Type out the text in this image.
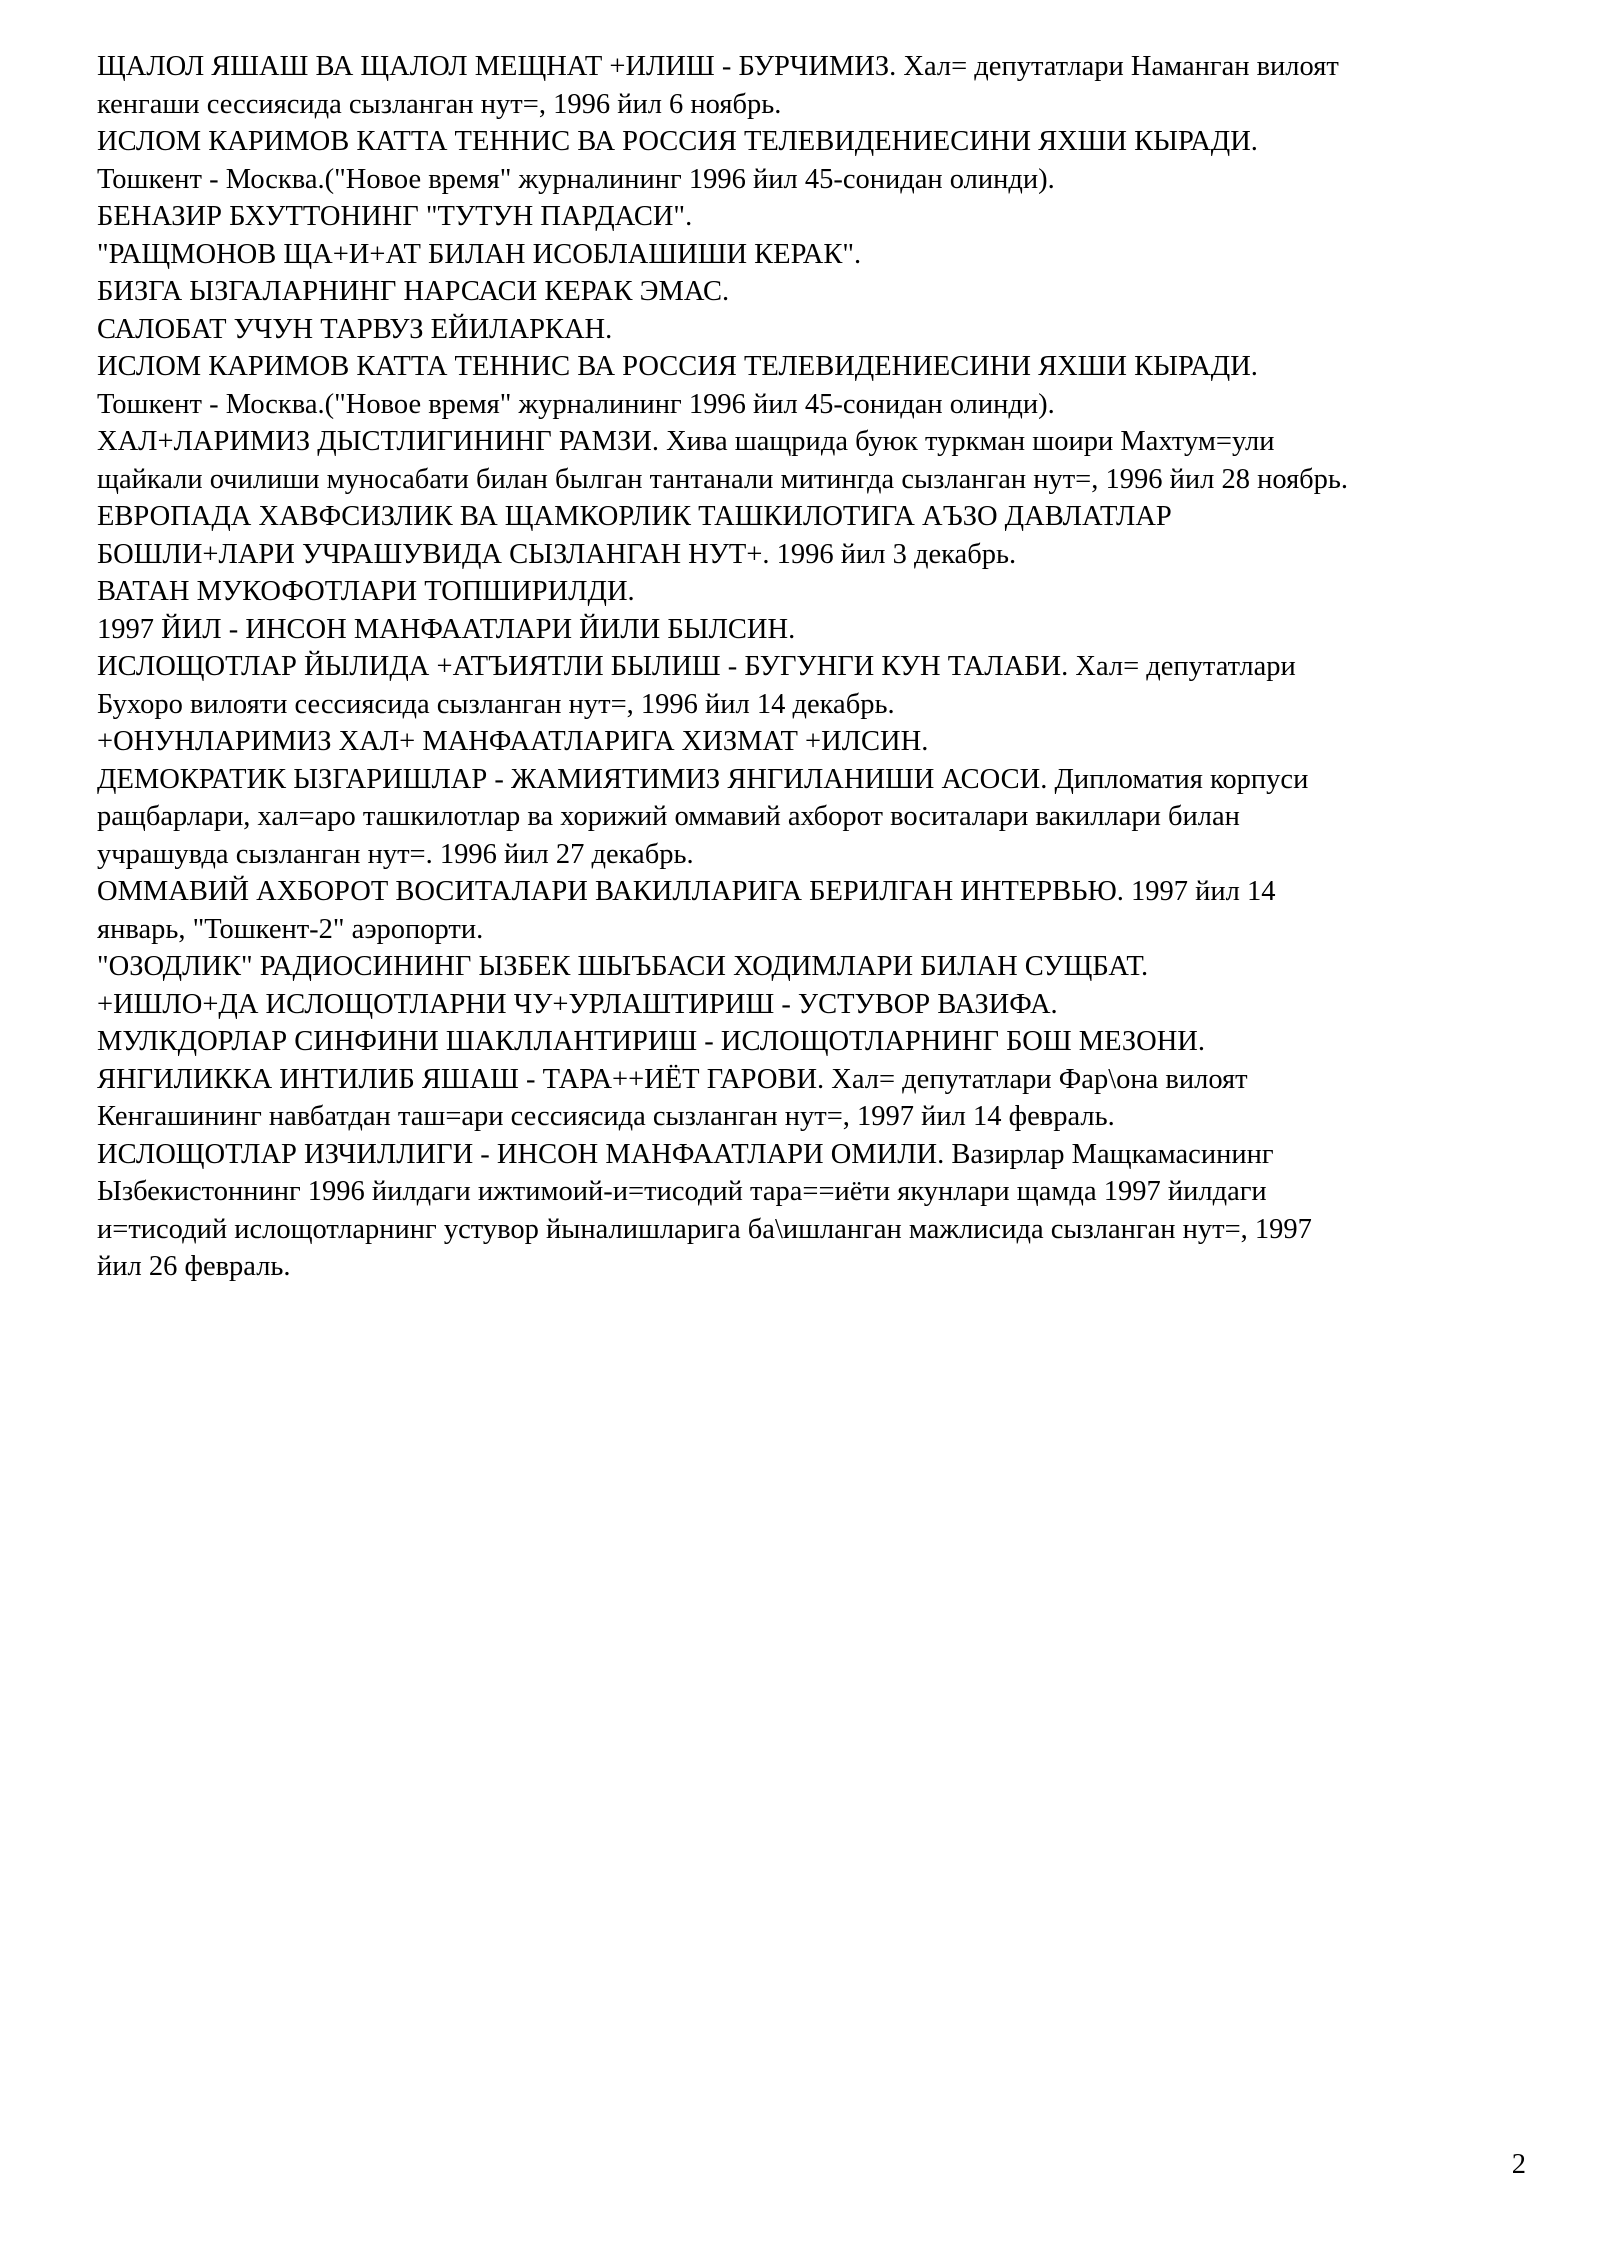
ЩАЛОЛ ЯШАШ ВА ЩАЛОЛ МЕЩНАТ +ИЛИШ - БУРЧИМИЗ. Хал= депутатлари Наманган вилоят
кенгаши сессиясида сызланган нут=, 1996 йил 6 ноябрь.

ИСЛОМ КАРИМОВ КАТТА ТЕННИС ВА РОССИЯ ТЕЛЕВИДЕНИЕСИНИ ЯХШИ КЫРАДИ.
Тошкент - Москва.("Новое время" журналининг 1996 йил 45-сонидан олинди).

БЕНАЗИР БХУТТОНИНГ "ТУТУН ПАРДАСИ".

"РАЩМОНОВ ЩА+И+АТ БИЛАН ИСОБЛАШИШИ КЕРАК".

БИЗГА ЫЗГАЛАРНИНГ НАРСАСИ КЕРАК ЭМАС.

САЛОБАТ УЧУН ТАРВУЗ ЕЙИЛАРКАН.

ИСЛОМ КАРИМОВ КАТТА ТЕННИС ВА РОССИЯ ТЕЛЕВИДЕНИЕСИНИ ЯХШИ КЫРАДИ.
Тошкент - Москва.("Новое время" журналининг 1996 йил 45-сонидан олинди).

ХАЛ+ЛАРИМИЗ ДЫСТЛИГИНИНГ РАМЗИ. Хива шащрида буюк туркман шоири Махтум=ули
щайкали очилиши муносабати билан былган тантанали митингда сызланган нут=, 1996 йил 28 ноябрь.

ЕВРОПАДА ХАВФСИЗЛИК ВА ЩАМКОРЛИК ТАШКИЛОТИГА АЪЗО ДАВЛАТЛАР
БОШЛИ+ЛАРИ УЧРАШУВИДА СЫЗЛАНГАН НУТ+. 1996 йил 3 декабрь.

ВАТАН МУКОФОТЛАРИ ТОПШИРИЛДИ.

1997 ЙИЛ - ИНСОН МАНФААТЛАРИ ЙИЛИ БЫЛСИН.

ИСЛОЩОТЛАР ЙЫЛИДА +АТЪИЯТЛИ БЫЛИШ - БУГУНГИ КУН ТАЛАБИ. Хал= депутатлари
Бухоро вилояти сессиясида сызланган нут=, 1996 йил 14 декабрь.

+ОНУНЛАРИМИЗ ХАЛ+ МАНФААТЛАРИГА ХИЗМАТ +ИЛСИН.

ДЕМОКРАТИК ЫЗГАРИШЛАР - ЖАМИЯТИМИЗ ЯНГИЛАНИШИ АСОСИ. Дипломатия корпуси
ращбарлари, хал=аро ташкилотлар ва хорижий оммавий ахборот воситалари вакиллари билан
учрашувда сызланган нут=. 1996 йил 27 декабрь.

ОММАВИЙ АХБОРОТ ВОСИТАЛАРИ ВАКИЛЛАРИГА БЕРИЛГАН ИНТЕРВЬЮ. 1997 йил 14
январь, "Тошкент-2" аэропорти.

"ОЗОДЛИК" РАДИОСИНИНГ ЫЗБЕК ШЫЪБАСИ ХОДИМЛАРИ БИЛАН СУЩБАТ.

+ИШЛО+ДА ИСЛОЩОТЛАРНИ ЧУ+УРЛАШТИРИШ - УСТУВОР ВАЗИФА.

МУЛКДОРЛАР СИНФИНИ ШАКЛЛАНТИРИШ - ИСЛОЩОТЛАРНИНГ БОШ МЕЗОНИ.

ЯНГИЛИККА ИНТИЛИБ ЯШАШ - ТАРА++ИЁТ ГАРОВИ. Хал= депутатлари Фар\она вилоят
Кенгашининг навбатдан таш=ари сессиясида сызланган нут=, 1997 йил 14 февраль.

ИСЛОЩОТЛАР ИЗЧИЛЛИГИ - ИНСОН МАНФААТЛАРИ ОМИЛИ. Вазирлар Мащкамасининг
Ызбекистоннинг 1996 йилдаги ижтимоий-и=тисодий тара==иёти якунлари щамда 1997 йилдаги
и=тисодий ислощотларнинг устувор йыналишларига ба\ишланган мажлисида сызланган нут=, 1997
йил 26 февраль.

2
